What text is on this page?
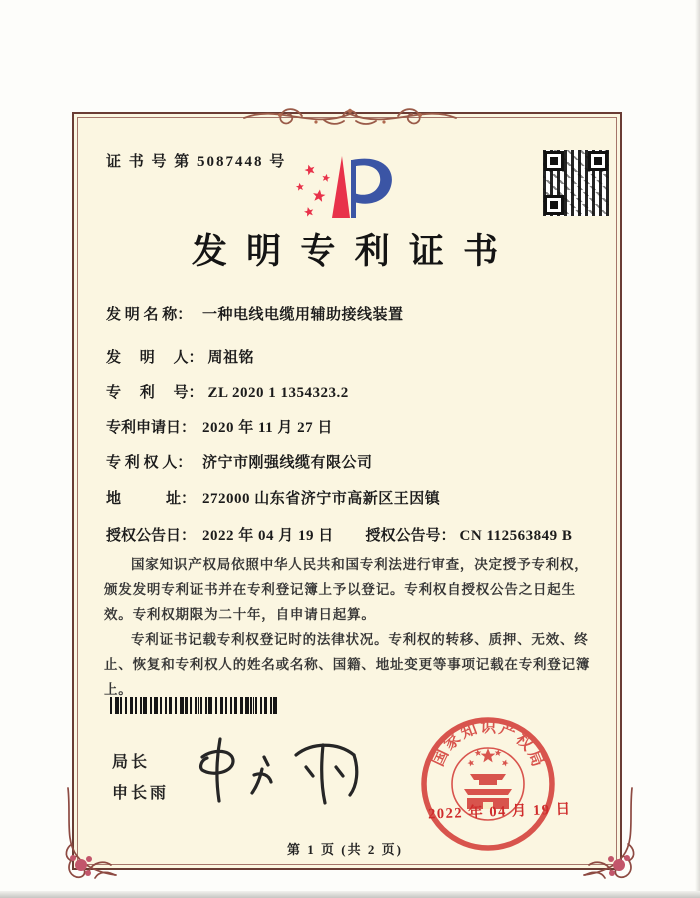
证 书 号 第 5087448 号
发明专利证书
发 明 名 称： 一种电线电缆用辅助接线装置
发　 明　 人： 周祖铭
专　 利　 号： ZL 2020 1 1354323.2
专利申请日： 2020 年 11 月 27 日
专 利 权 人： 济宁市刚强线缆有限公司
地　　　址： 272000 山东省济宁市高新区王因镇
授权公告日： 2022 年 04 月 19 日 授权公告号： CN 112563849 B

国家知识产权局依照中华人民共和国专利法进行审查，决定授予专利权，颁发发明专利证书并在专利登记簿上予以登记。专利权自授权公告之日起生效。专利权期限为二十年，自申请日起算。

专利证书记载专利权登记时的法律状况。专利权的转移、质押、无效、终止、恢复和专利权人的姓名或名称、国籍、地址变更等事项记载在专利登记簿上。

局长
申长雨
国家知识产权局
2022 年 04 月 19 日
第 1 页 (共 2 页)
